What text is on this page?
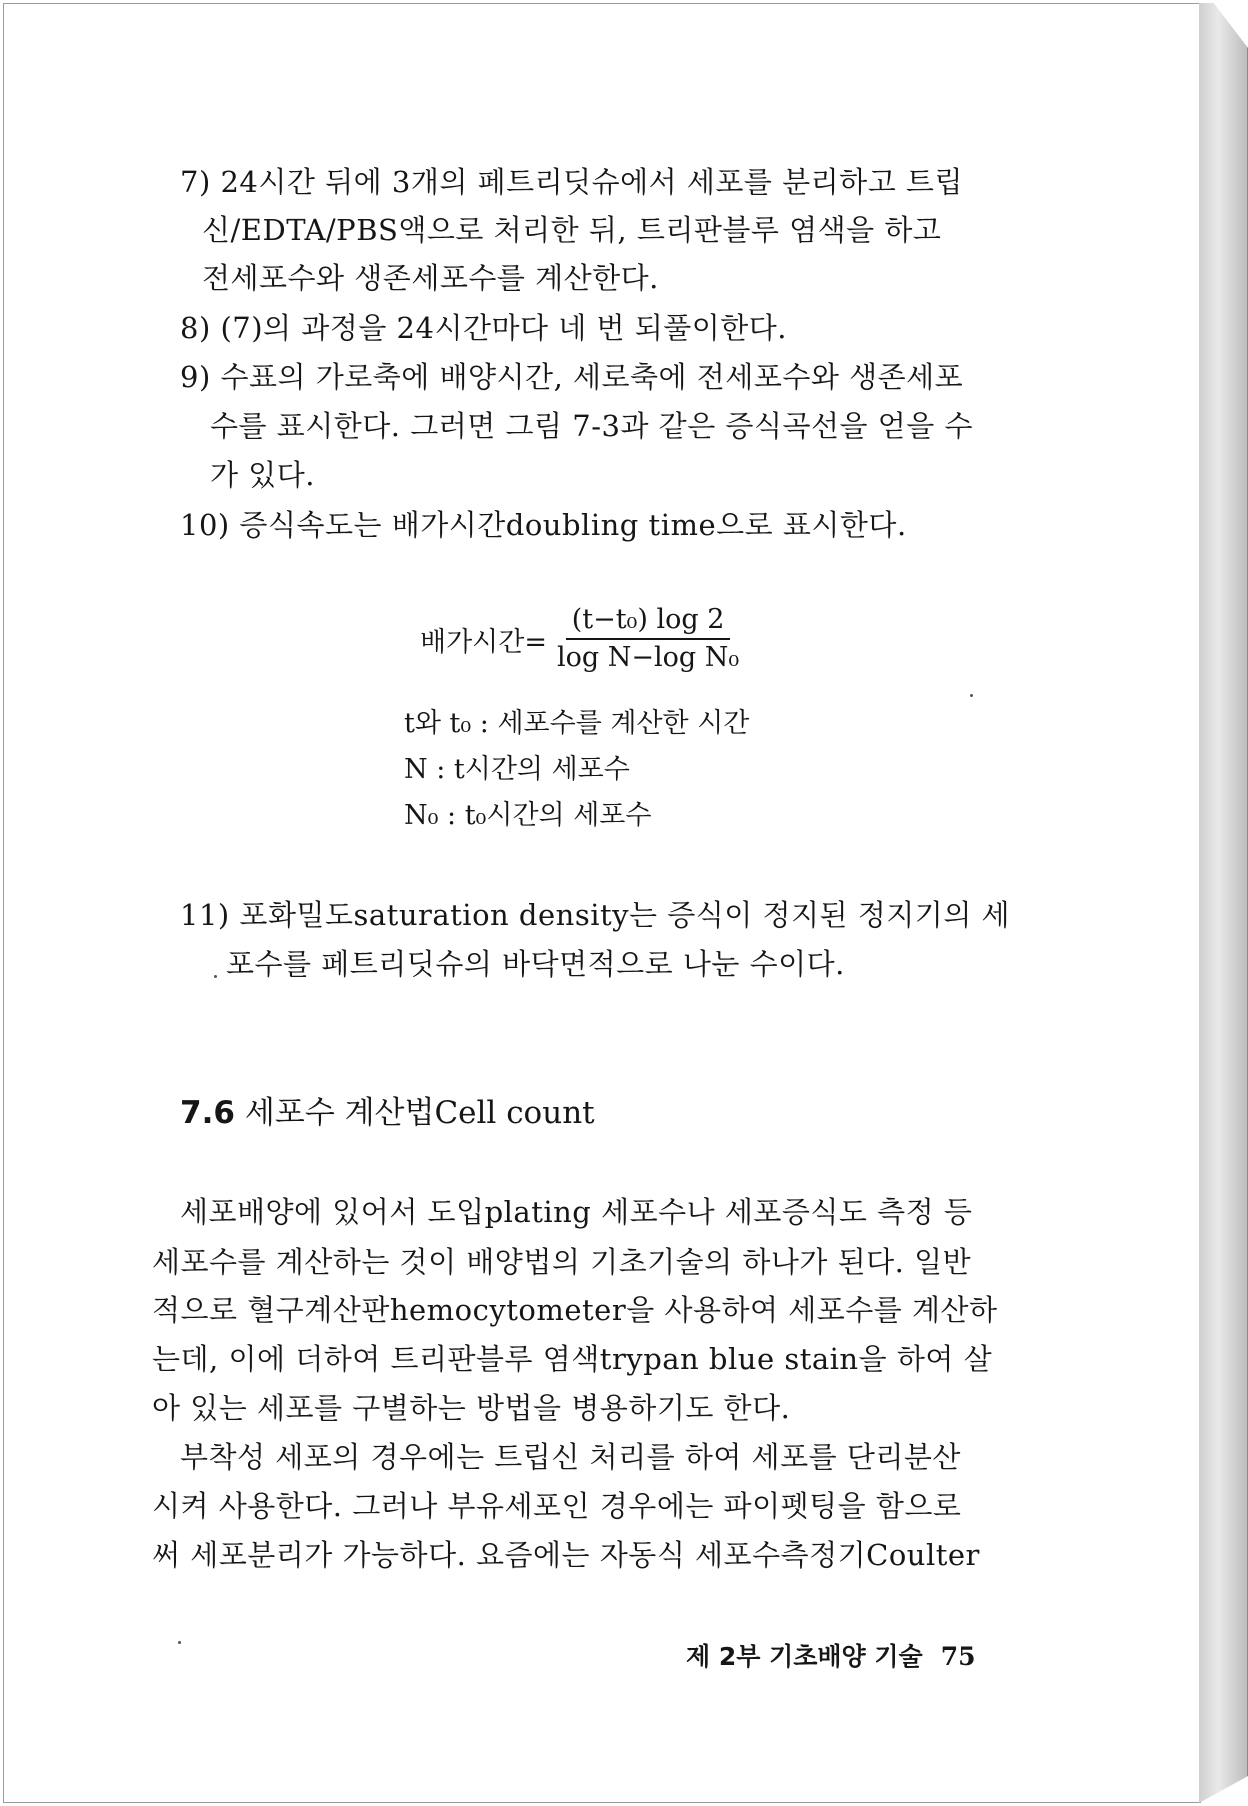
7) 24시간 뒤에 3개의 페트리딧슈에서 세포를 분리하고 트립
신/EDTA/PBS액으로 처리한 뒤, 트리판블루 염색을 하고
전세포수와 생존세포수를 계산한다.
8) (7)의 과정을 24시간마다 네 번 되풀이한다.
9) 수표의 가로축에 배양시간, 세로축에 전세포수와 생존세포
수를 표시한다. 그러면 그림 7-3과 같은 증식곡선을 얻을 수
가 있다.
10) 증식속도는 배가시간doubling time으로 표시한다.
배가시간= $\frac{\text{(t−t₀) log 2}}{\text{log N−log N₀}}$
t와 t₀ : 세포수를 계산한 시간
N : t시간의 세포수
N₀ : t₀시간의 세포수
11) 포화밀도saturation density는 증식이 정지된 정지기의 세
포수를 페트리딧슈의 바닥면적으로 나눈 수이다.
7.6 세포수 계산법Cell count
세포배양에 있어서 도입plating 세포수나 세포증식도 측정 등
세포수를 계산하는 것이 배양법의 기초기술의 하나가 된다. 일반
적으로 혈구계산판hemocytometer을 사용하여 세포수를 계산하
는데, 이에 더하여 트리판블루 염색trypan blue stain을 하여 살
아 있는 세포를 구별하는 방법을 병용하기도 한다.
부착성 세포의 경우에는 트립신 처리를 하여 세포를 단리분산
시켜 사용한다. 그러나 부유세포인 경우에는 파이펫팅을 함으로
써 세포분리가 가능하다. 요즘에는 자동식 세포수측정기Coulter
제 2부 기초배양 기술 75
